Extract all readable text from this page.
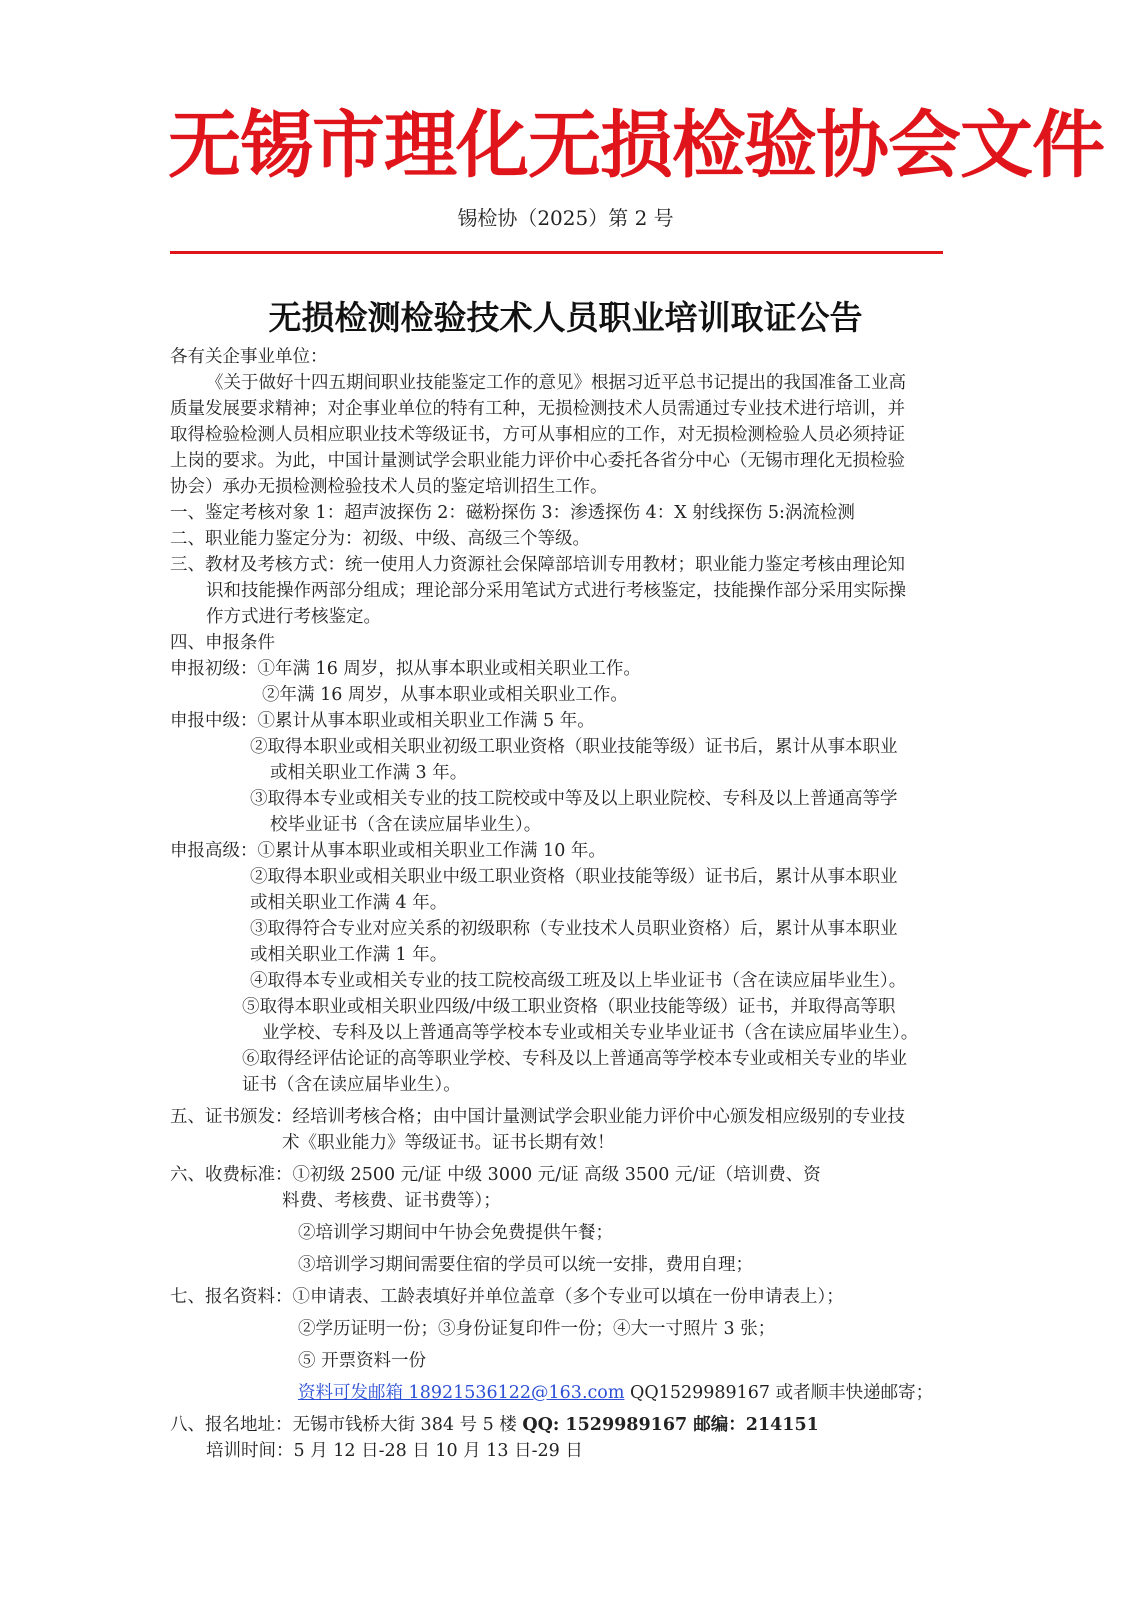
无锡市理化无损检验协会文件
锡检协（2025）第 2 号
无损检测检验技术人员职业培训取证公告
各有关企事业单位：
《关于做好十四五期间职业技能鉴定工作的意见》根据习近平总书记提出的我国准备工业高
质量发展要求精神；对企事业单位的特有工种，无损检测技术人员需通过专业技术进行培训，并
取得检验检测人员相应职业技术等级证书，方可从事相应的工作，对无损检测检验人员必须持证
上岗的要求。为此，中国计量测试学会职业能力评价中心委托各省分中心（无锡市理化无损检验
协会）承办无损检测检验技术人员的鉴定培训招生工作。
一、鉴定考核对象 1：超声波探伤 2：磁粉探伤 3：渗透探伤 4：X 射线探伤 5:涡流检测
二、职业能力鉴定分为：初级、中级、高级三个等级。
三、教材及考核方式：统一使用人力资源社会保障部培训专用教材；职业能力鉴定考核由理论知
识和技能操作两部分组成；理论部分采用笔试方式进行考核鉴定，技能操作部分采用实际操
作方式进行考核鉴定。
四、申报条件
申报初级：①年满 16 周岁，拟从事本职业或相关职业工作。
②年满 16 周岁，从事本职业或相关职业工作。
申报中级：①累计从事本职业或相关职业工作满 5 年。
②取得本职业或相关职业初级工职业资格（职业技能等级）证书后，累计从事本职业
或相关职业工作满 3 年。
③取得本专业或相关专业的技工院校或中等及以上职业院校、专科及以上普通高等学
校毕业证书（含在读应届毕业生）。
申报高级：①累计从事本职业或相关职业工作满 10 年。
②取得本职业或相关职业中级工职业资格（职业技能等级）证书后，累计从事本职业
或相关职业工作满 4 年。
③取得符合专业对应关系的初级职称（专业技术人员职业资格）后，累计从事本职业
或相关职业工作满 1 年。
④取得本专业或相关专业的技工院校高级工班及以上毕业证书（含在读应届毕业生）。
⑤取得本职业或相关职业四级/中级工职业资格（职业技能等级）证书，并取得高等职
业学校、专科及以上普通高等学校本专业或相关专业毕业证书（含在读应届毕业生）。
⑥取得经评估论证的高等职业学校、专科及以上普通高等学校本专业或相关专业的毕业
证书（含在读应届毕业生）。
五、证书颁发：经培训考核合格；由中国计量测试学会职业能力评价中心颁发相应级别的专业技
术《职业能力》等级证书。证书长期有效！
六、收费标准：①初级 2500 元/证 中级 3000 元/证 高级 3500 元/证（培训费、资
料费、考核费、证书费等）；
②培训学习期间中午协会免费提供午餐；
③培训学习期间需要住宿的学员可以统一安排，费用自理；
七、报名资料：①申请表、工龄表填好并单位盖章（多个专业可以填在一份申请表上）；
②学历证明一份；③身份证复印件一份；④大一寸照片 3 张；
⑤ 开票资料一份
资料可发邮箱 18921536122@163.com QQ1529989167 或者顺丰快递邮寄；
八、报名地址：无锡市钱桥大街 384 号 5 楼 QQ: 1529989167 邮编：214151
培训时间：5 月 12 日-28 日 10 月 13 日-29 日
